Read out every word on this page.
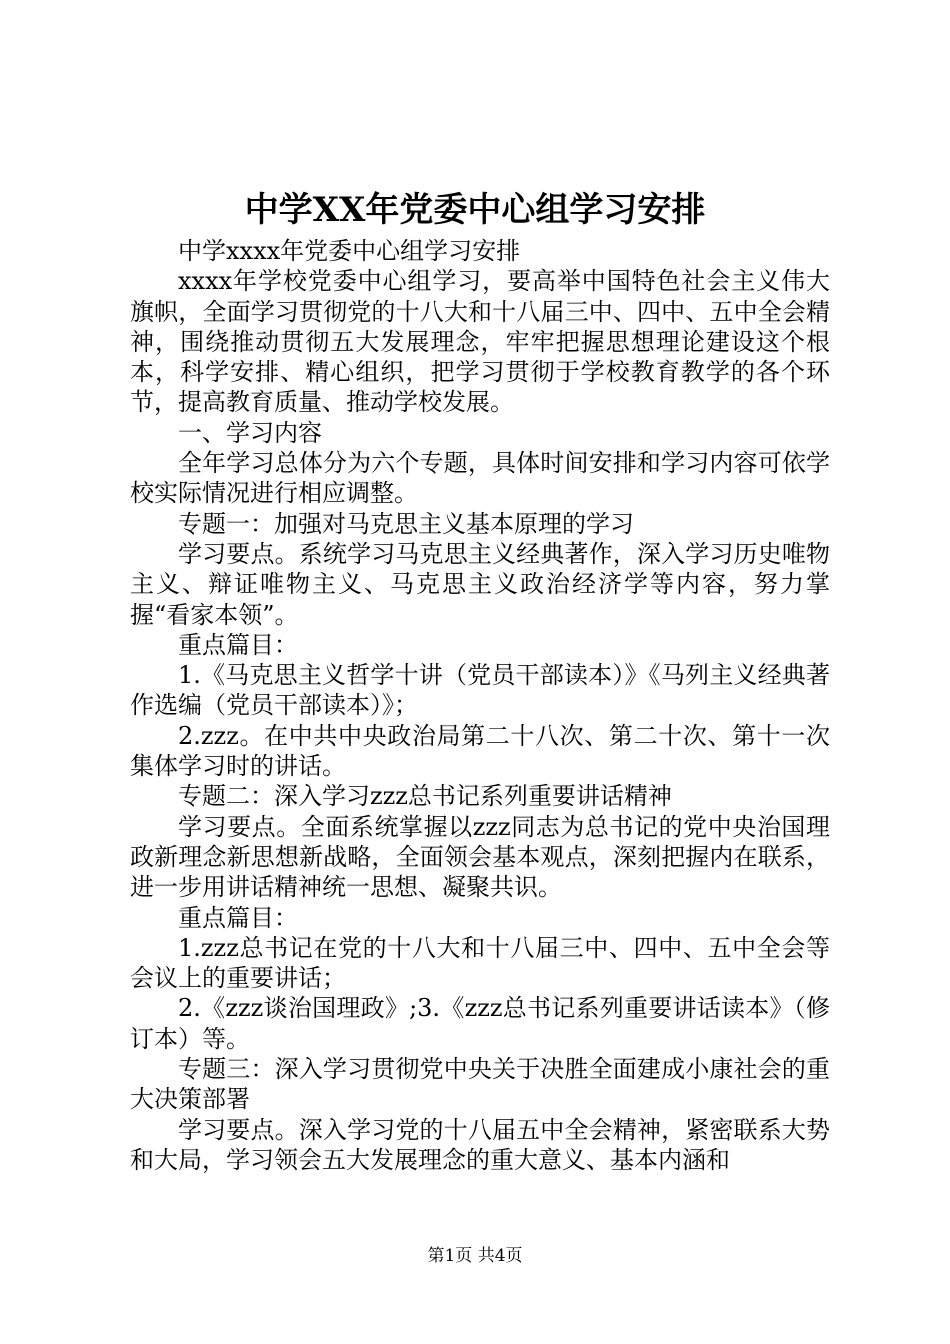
中学XX年党委中心组学习安排

中学xxxx年党委中心组学习安排

xxxx年学校党委中心组学习，要高举中国特色社会主义伟大旗帜，全面学习贯彻党的十八大和十八届三中、四中、五中全会精神，围绕推动贯彻五大发展理念，牢牢把握思想理论建设这个根本，科学安排、精心组织，把学习贯彻于学校教育教学的各个环节，提高教育质量、推动学校发展。

一、学习内容

全年学习总体分为六个专题，具体时间安排和学习内容可依学校实际情况进行相应调整。

专题一：加强对马克思主义基本原理的学习

学习要点。系统学习马克思主义经典著作，深入学习历史唯物主义、辩证唯物主义、马克思主义政治经济学等内容，努力掌握“看家本领”。

重点篇目：

1.《马克思主义哲学十讲（党员干部读本）》《马列主义经典著作选编（党员干部读本）》；

2.zzz。在中共中央政治局第二十八次、第二十次、第十一次集体学习时的讲话。

专题二：深入学习zzz总书记系列重要讲话精神

学习要点。全面系统掌握以zzz同志为总书记的党中央治国理政新理念新思想新战略，全面领会基本观点，深刻把握内在联系，进一步用讲话精神统一思想、凝聚共识。

重点篇目：

1.zzz总书记在党的十八大和十八届三中、四中、五中全会等会议上的重要讲话；

2.《zzz谈治国理政》;3.《zzz总书记系列重要讲话读本》（修订本）等。

专题三：深入学习贯彻党中央关于决胜全面建成小康社会的重大决策部署

学习要点。深入学习党的十八届五中全会精神，紧密联系大势和大局，学习领会五大发展理念的重大意义、基本内涵和

第1页 共4页
